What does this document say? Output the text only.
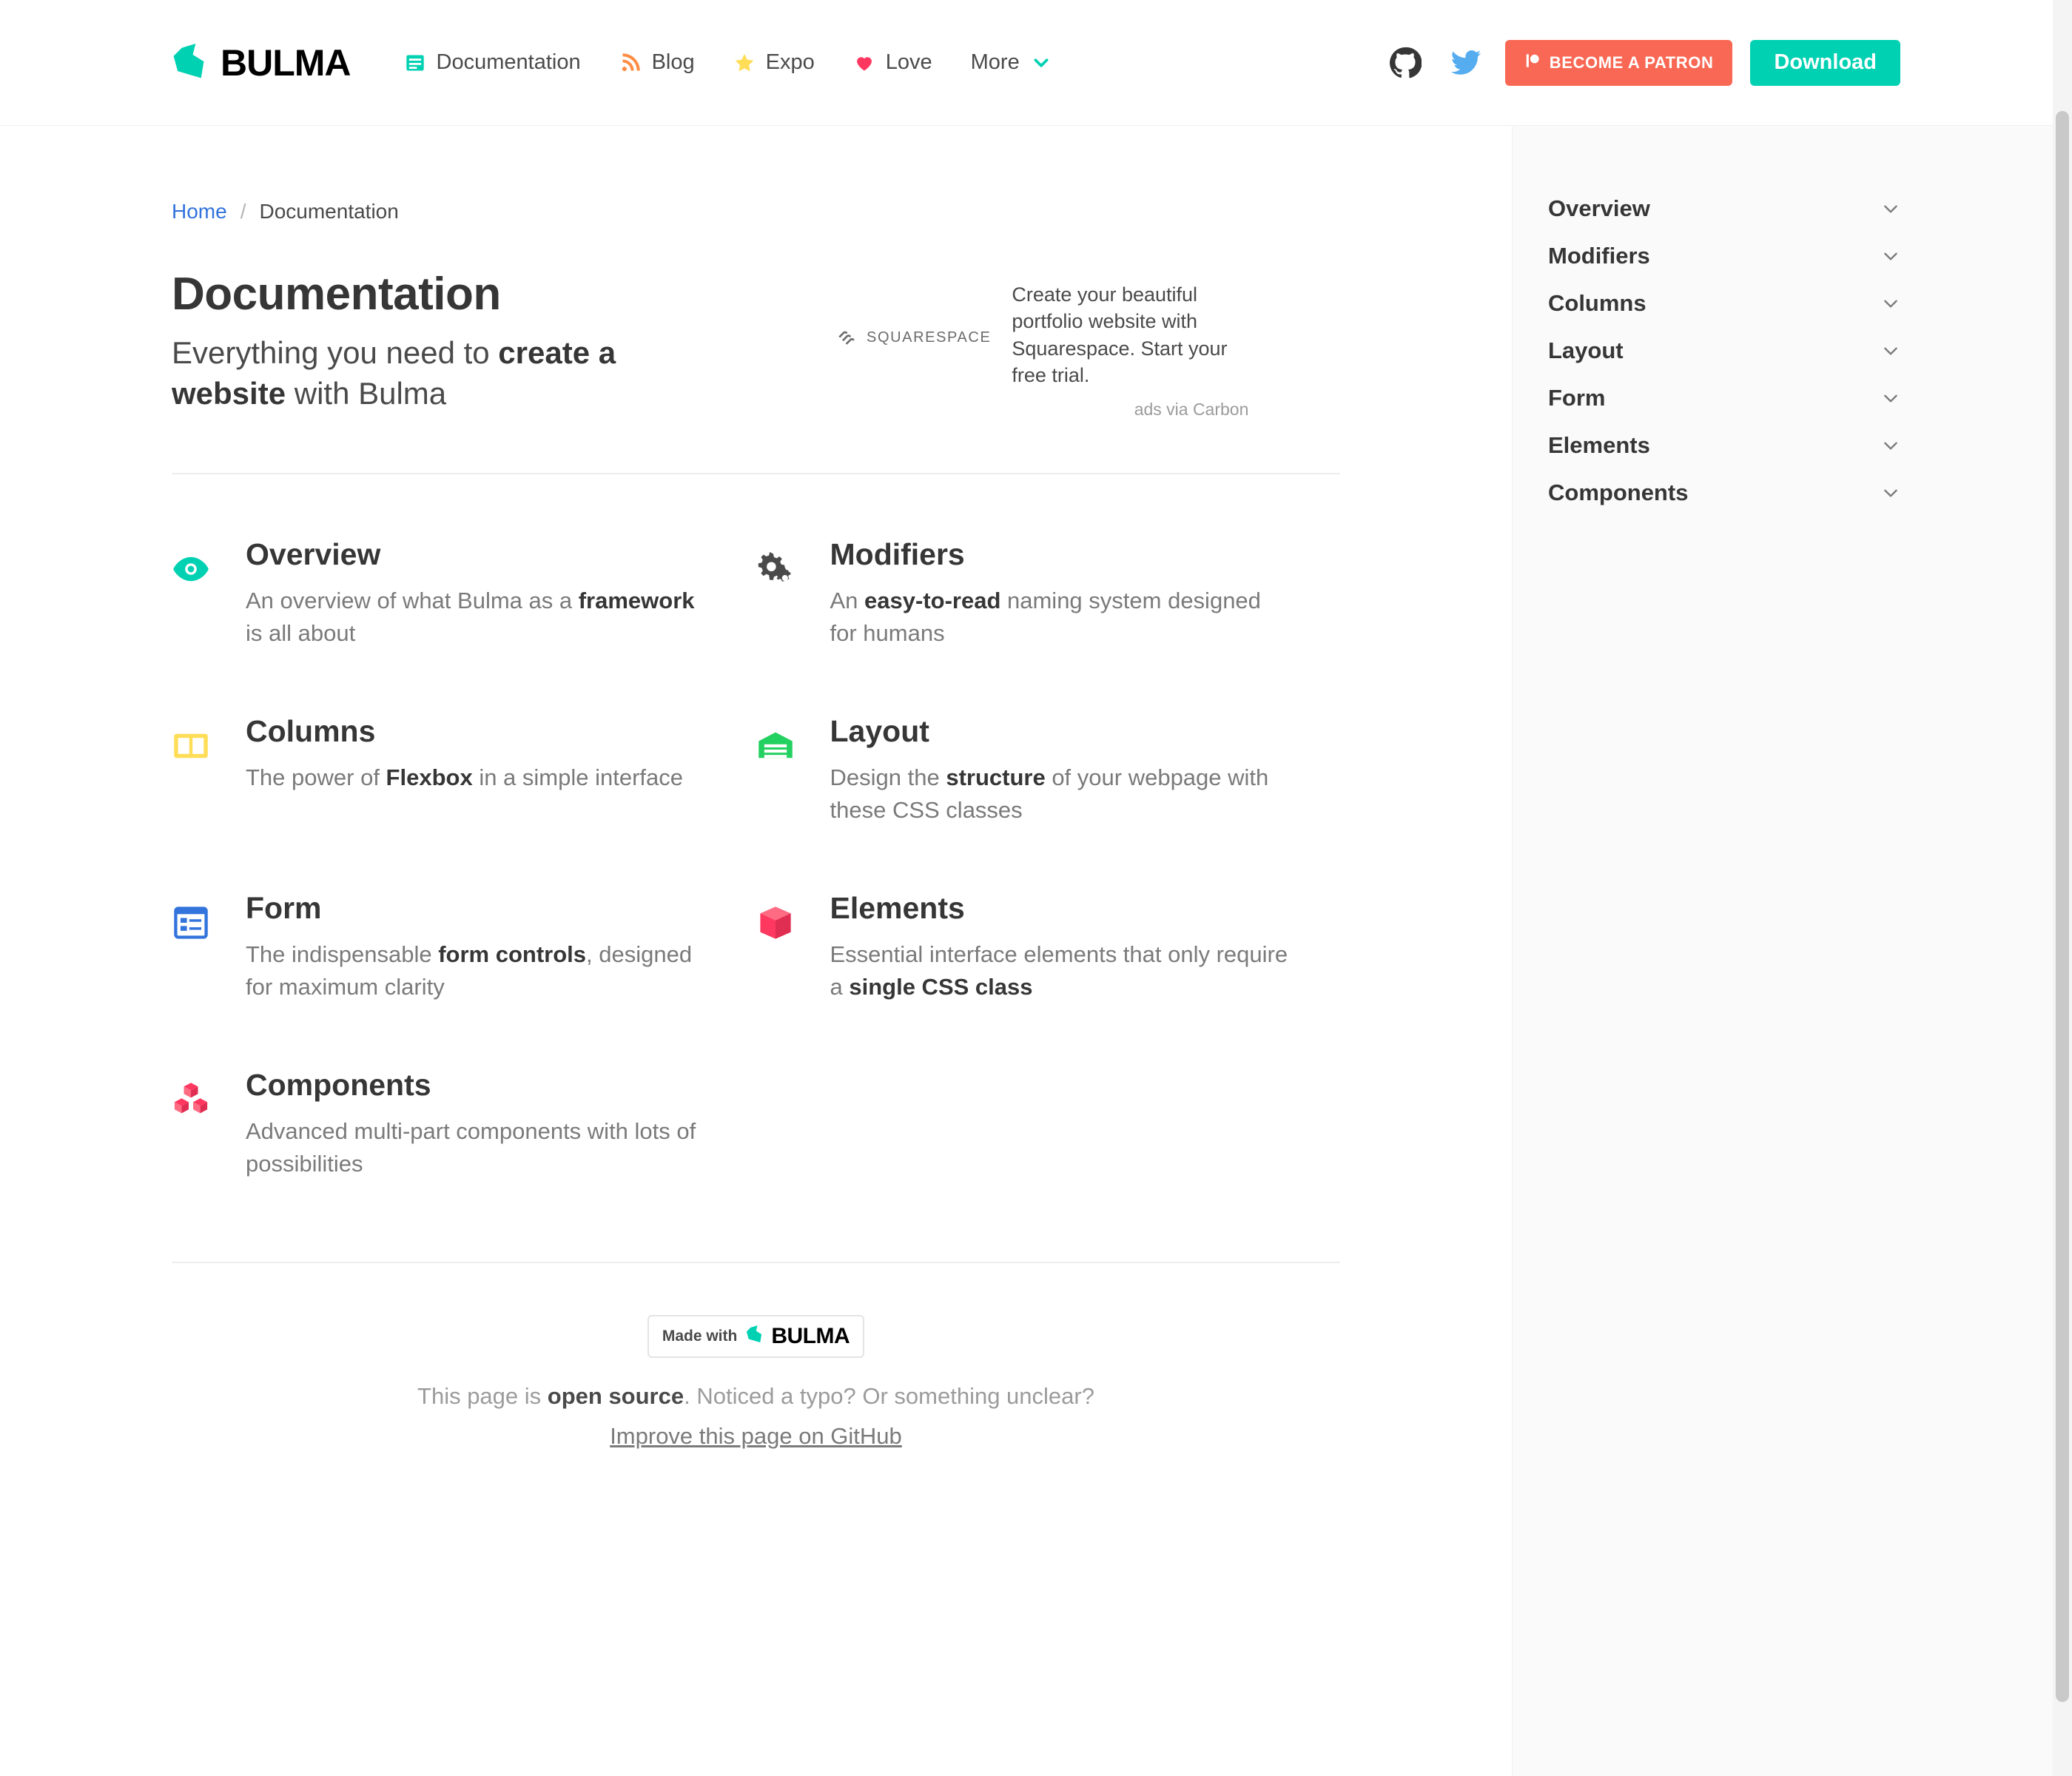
BULMA	Documentation	Blog	Expo	Love More	BECOME A PATRON	Download
Home / Documentation
Documentation
Everything you need to create a website with Bulma
SQUARESPACE
Create your beautiful portfolio website with Squarespace. Start your free trial.
ads via Carbon
Overview
An overview of what Bulma as a framework is all about
Modifiers
An easy-to-read naming system designed for humans
Columns
The power of Flexbox in a simple interface
Layout
Design the structure of your webpage with these CSS classes
Form
The indispensable form controls, designed for maximum clarity
Elements
Essential interface elements that only require a single CSS class
Components
Advanced multi-part components with lots of possibilities
Made with BULMA
This page is open source. Noticed a typo? Or something unclear?
Improve this page on GitHub
Overview
Modifiers
Columns
Layout
Form
Elements
Components
